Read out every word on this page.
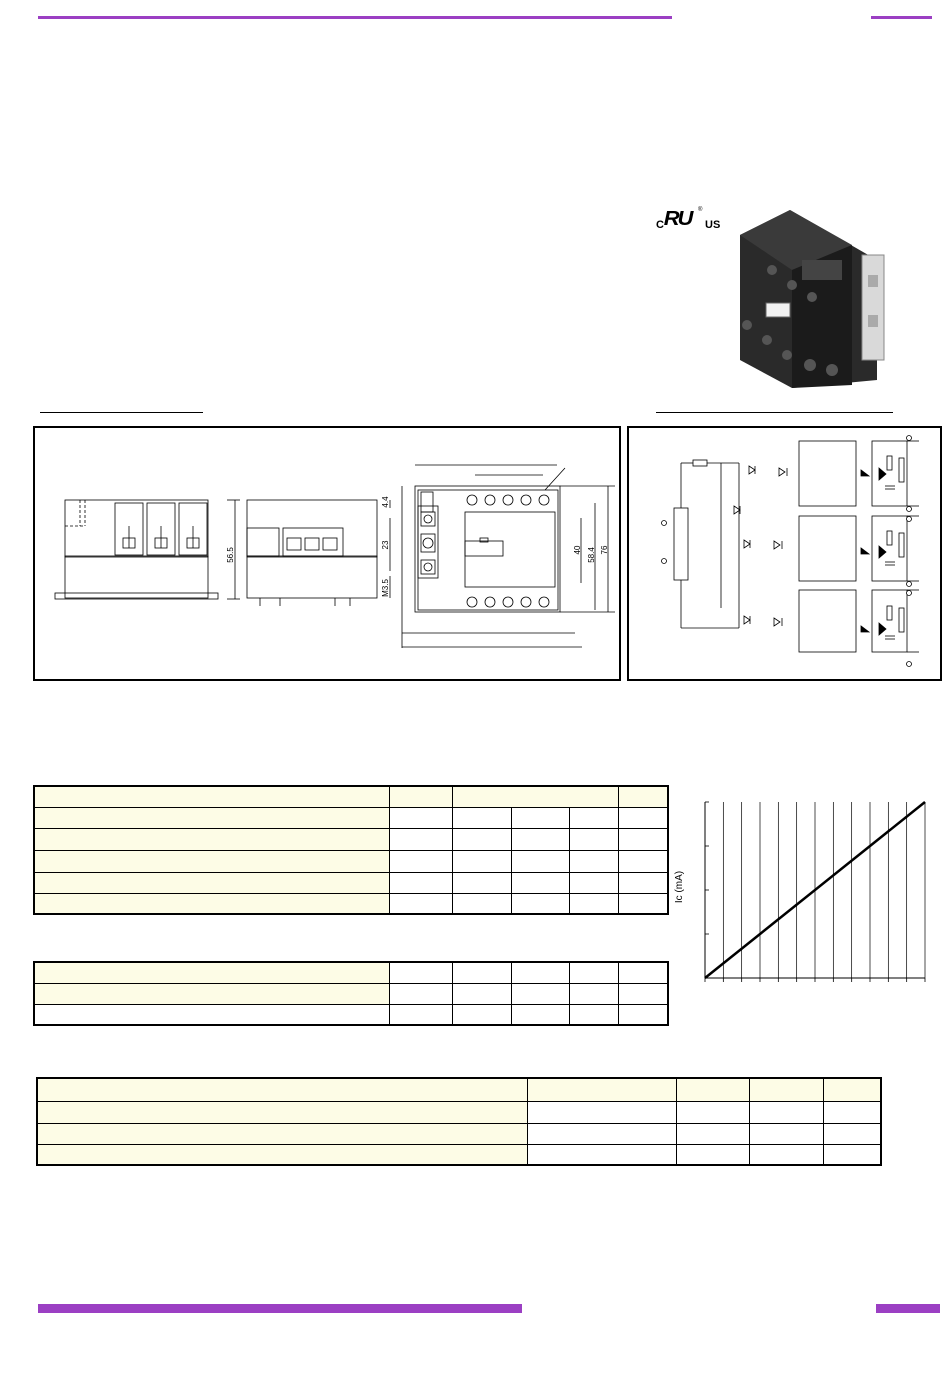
C RU ®
US
56.5
4.4
23
M3.5
40 58.4 76

Ic (mA)
